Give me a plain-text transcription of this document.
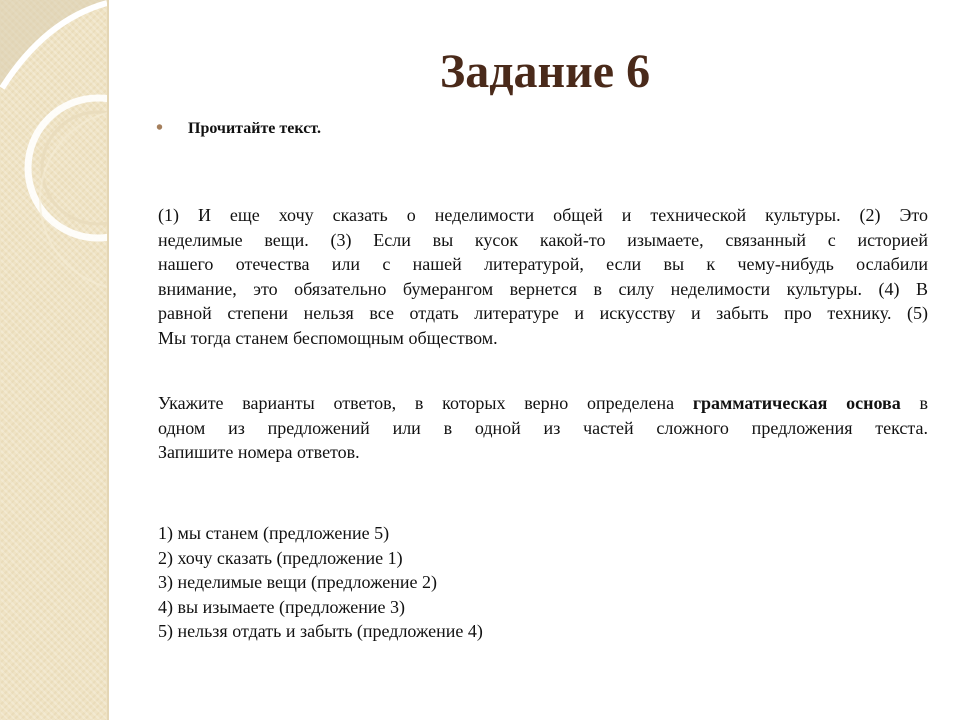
Задание 6
• Прочитайте текст.
(1) И еще хочу сказать о неделимости общей и технической культуры. (2) Это
неделимые вещи. (3) Если вы кусок какой-то изымаете, связанный с историей
нашего отечества или с нашей литературой, если вы к чему-нибудь ослабили
внимание, это обязательно бумерангом вернется в силу неделимости культуры. (4) В
равной степени нельзя все отдать литературе и искусству и забыть про технику. (5)
Мы тогда станем беспомощным обществом.
Укажите варианты ответов, в которых верно определена грамматическая основа в
одном из предложений или в одной из частей сложного предложения текста.
Запишите номера ответов.
1) мы станем (предложение 5)
2) хочу сказать (предложение 1)
3) неделимые вещи (предложение 2)
4) вы изымаете (предложение 3)
5) нельзя отдать и забыть (предложение 4)
